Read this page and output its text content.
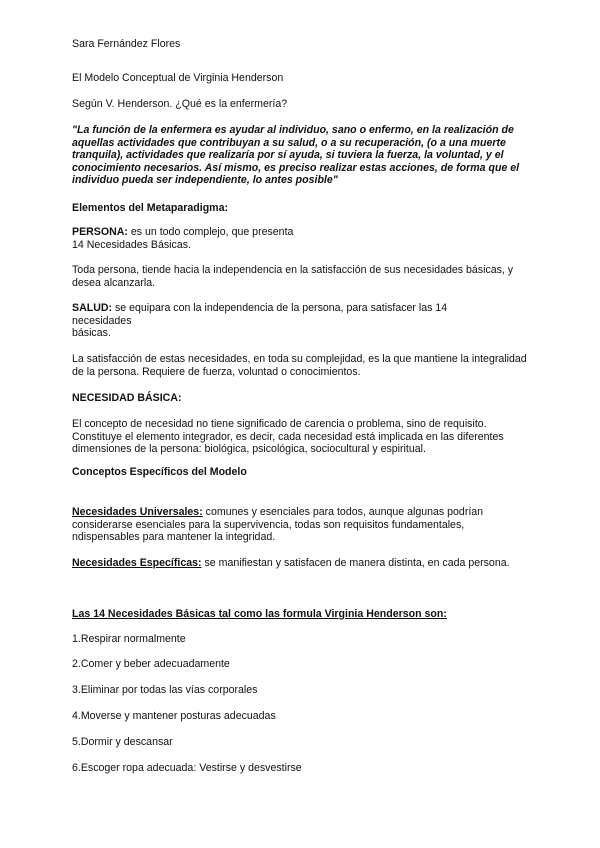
Sara Fernández Flores

El Modelo Conceptual de Virginia Henderson

Según V. Henderson. ¿Qué es la enfermería?

"La función de la enfermera es ayudar al individuo, sano o enfermo, en la realización de aquellas actividades que contribuyan a su salud, o a su recuperación, (o a una muerte tranquila), actividades que realizaría por sí ayuda, si tuviera la fuerza, la voluntad, y el conocimiento necesarios. Así mismo, es preciso realizar estas acciones, de forma que el individuo pueda ser independiente, lo antes posible"

Elementos del Metaparadigma:

PERSONA: es un todo complejo, que presenta
14 Necesidades Básicas.

Toda persona, tiende hacia la independencia en la satisfacción de sus necesidades básicas, y desea alcanzarla.

SALUD: se equipara con la independencia de la persona, para satisfacer las 14 necesidades
básicas.

La satisfacción de estas necesidades, en toda su complejidad, es la que mantiene la integralidad de la persona. Requiere de fuerza, voluntad o conocimientos.

NECESIDAD BÁSICA:

El concepto de necesidad no tiene significado de carencia o problema, sino de requisito. Constituye el elemento integrador, es decir, cada necesidad está implicada en las diferentes dimensiones de la persona: biológica, psicológica, sociocultural y espiritual.

Conceptos Específicos del Modelo

Necesidades Universales: comunes y esenciales para todos, aunque algunas podrían considerarse esenciales para la supervivencia, todas son requisitos fundamentales, ndispensables para mantener la integridad.

Necesidades Específicas: se manifiestan y satisfacen de manera distinta, en cada persona.

Las 14 Necesidades Básicas tal como las formula Virginia Henderson son:

1.Respirar normalmente

2.Comer y beber adecuadamente

3.Eliminar por todas las vías corporales

4.Moverse y mantener posturas adecuadas

5.Dormir y descansar

6.Escoger ropa adecuada: Vestirse y desvestirse
